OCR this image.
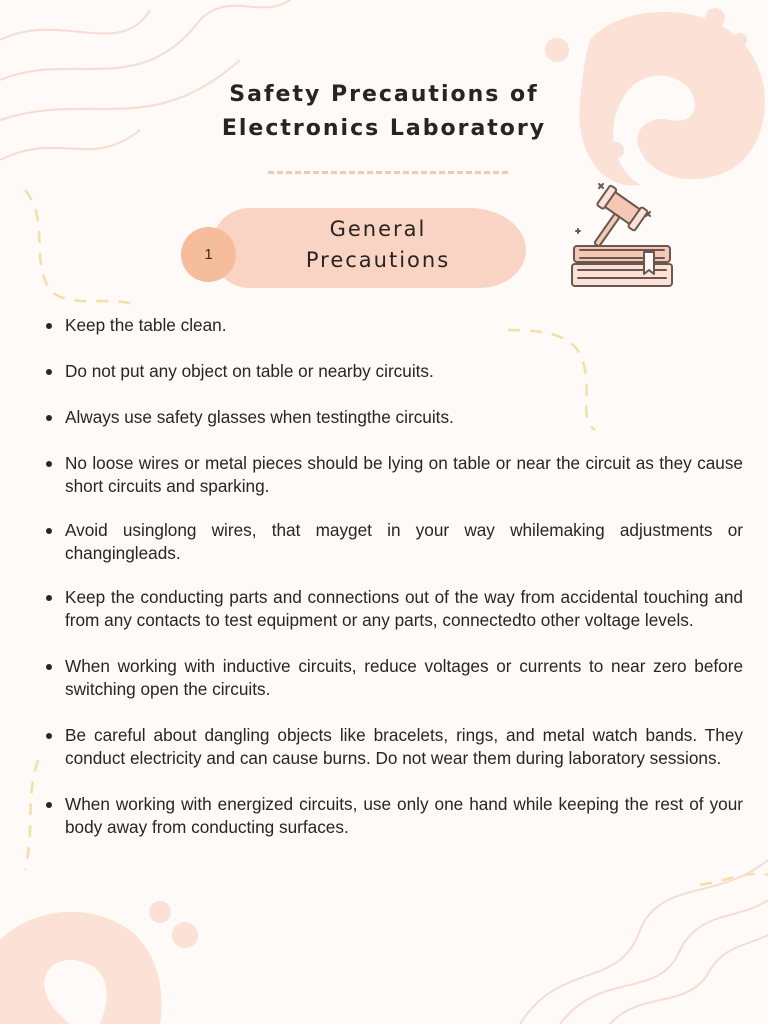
Safety Precautions of
Electronics Laboratory
1
General
Precautions
Keep the table clean.
Do not put any object on table or nearby circuits.
Always use safety glasses when testingthe circuits.
No loose wires or metal pieces should be lying on table or near the circuit as they cause short circuits and sparking.
Avoid usinglong wires, that mayget in your way whilemaking adjustments or changingleads.
Keep the conducting parts and connections out of the way from accidental touching and from any contacts to test equipment or any parts, connectedto other voltage levels.
When working with inductive circuits, reduce voltages or currents to near zero before switching open the circuits.
Be careful about dangling objects like bracelets, rings, and metal watch bands. They conduct electricity and can cause burns. Do not wear them during laboratory sessions.
When working with energized circuits, use only one hand while keeping the rest of your body away from conducting surfaces.
